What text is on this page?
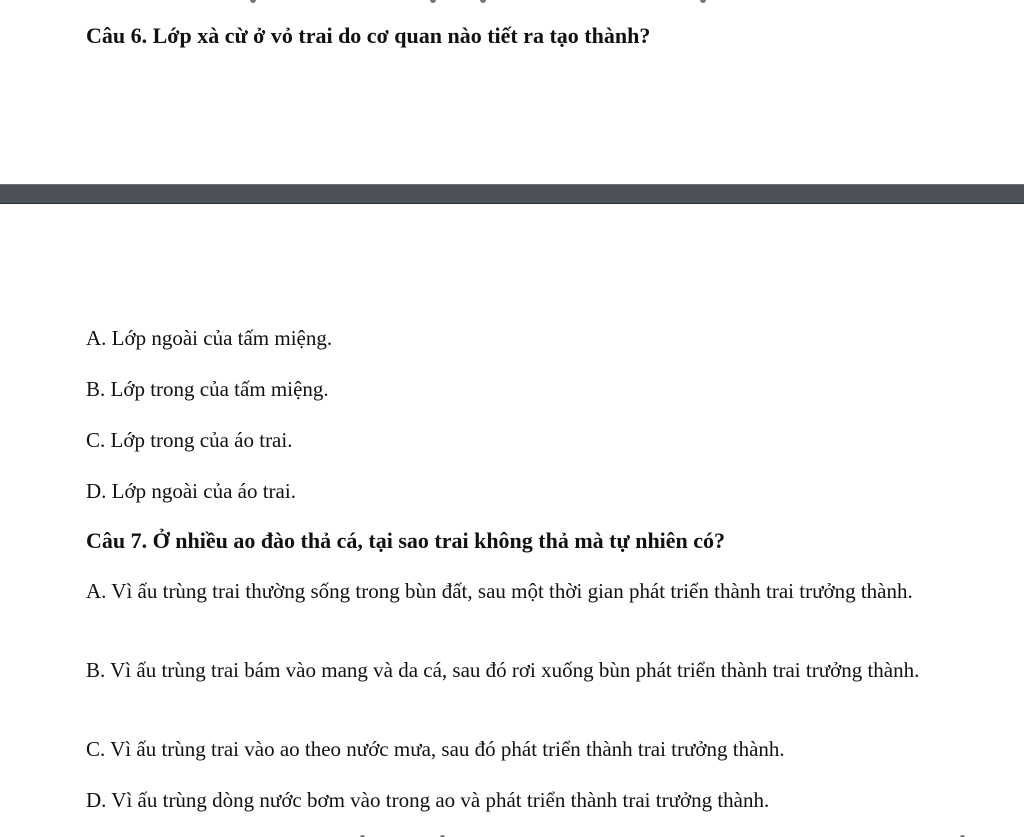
Câu 6. Lớp xà cừ ở vỏ trai do cơ quan nào tiết ra tạo thành?
A. Lớp ngoài của tấm miệng.
B. Lớp trong của tấm miệng.
C. Lớp trong của áo trai.
D. Lớp ngoài của áo trai.
Câu 7. Ở nhiều ao đào thả cá, tại sao trai không thả mà tự nhiên có?
A. Vì ấu trùng trai thường sống trong bùn đất, sau một thời gian phát triển thành trai trưởng thành.
B. Vì ấu trùng trai bám vào mang và da cá, sau đó rơi xuống bùn phát triển thành trai trưởng thành.
C. Vì ấu trùng trai vào ao theo nước mưa, sau đó phát triển thành trai trưởng thành.
D. Vì ấu trùng dòng nước bơm vào trong ao và phát triển thành trai trưởng thành.
